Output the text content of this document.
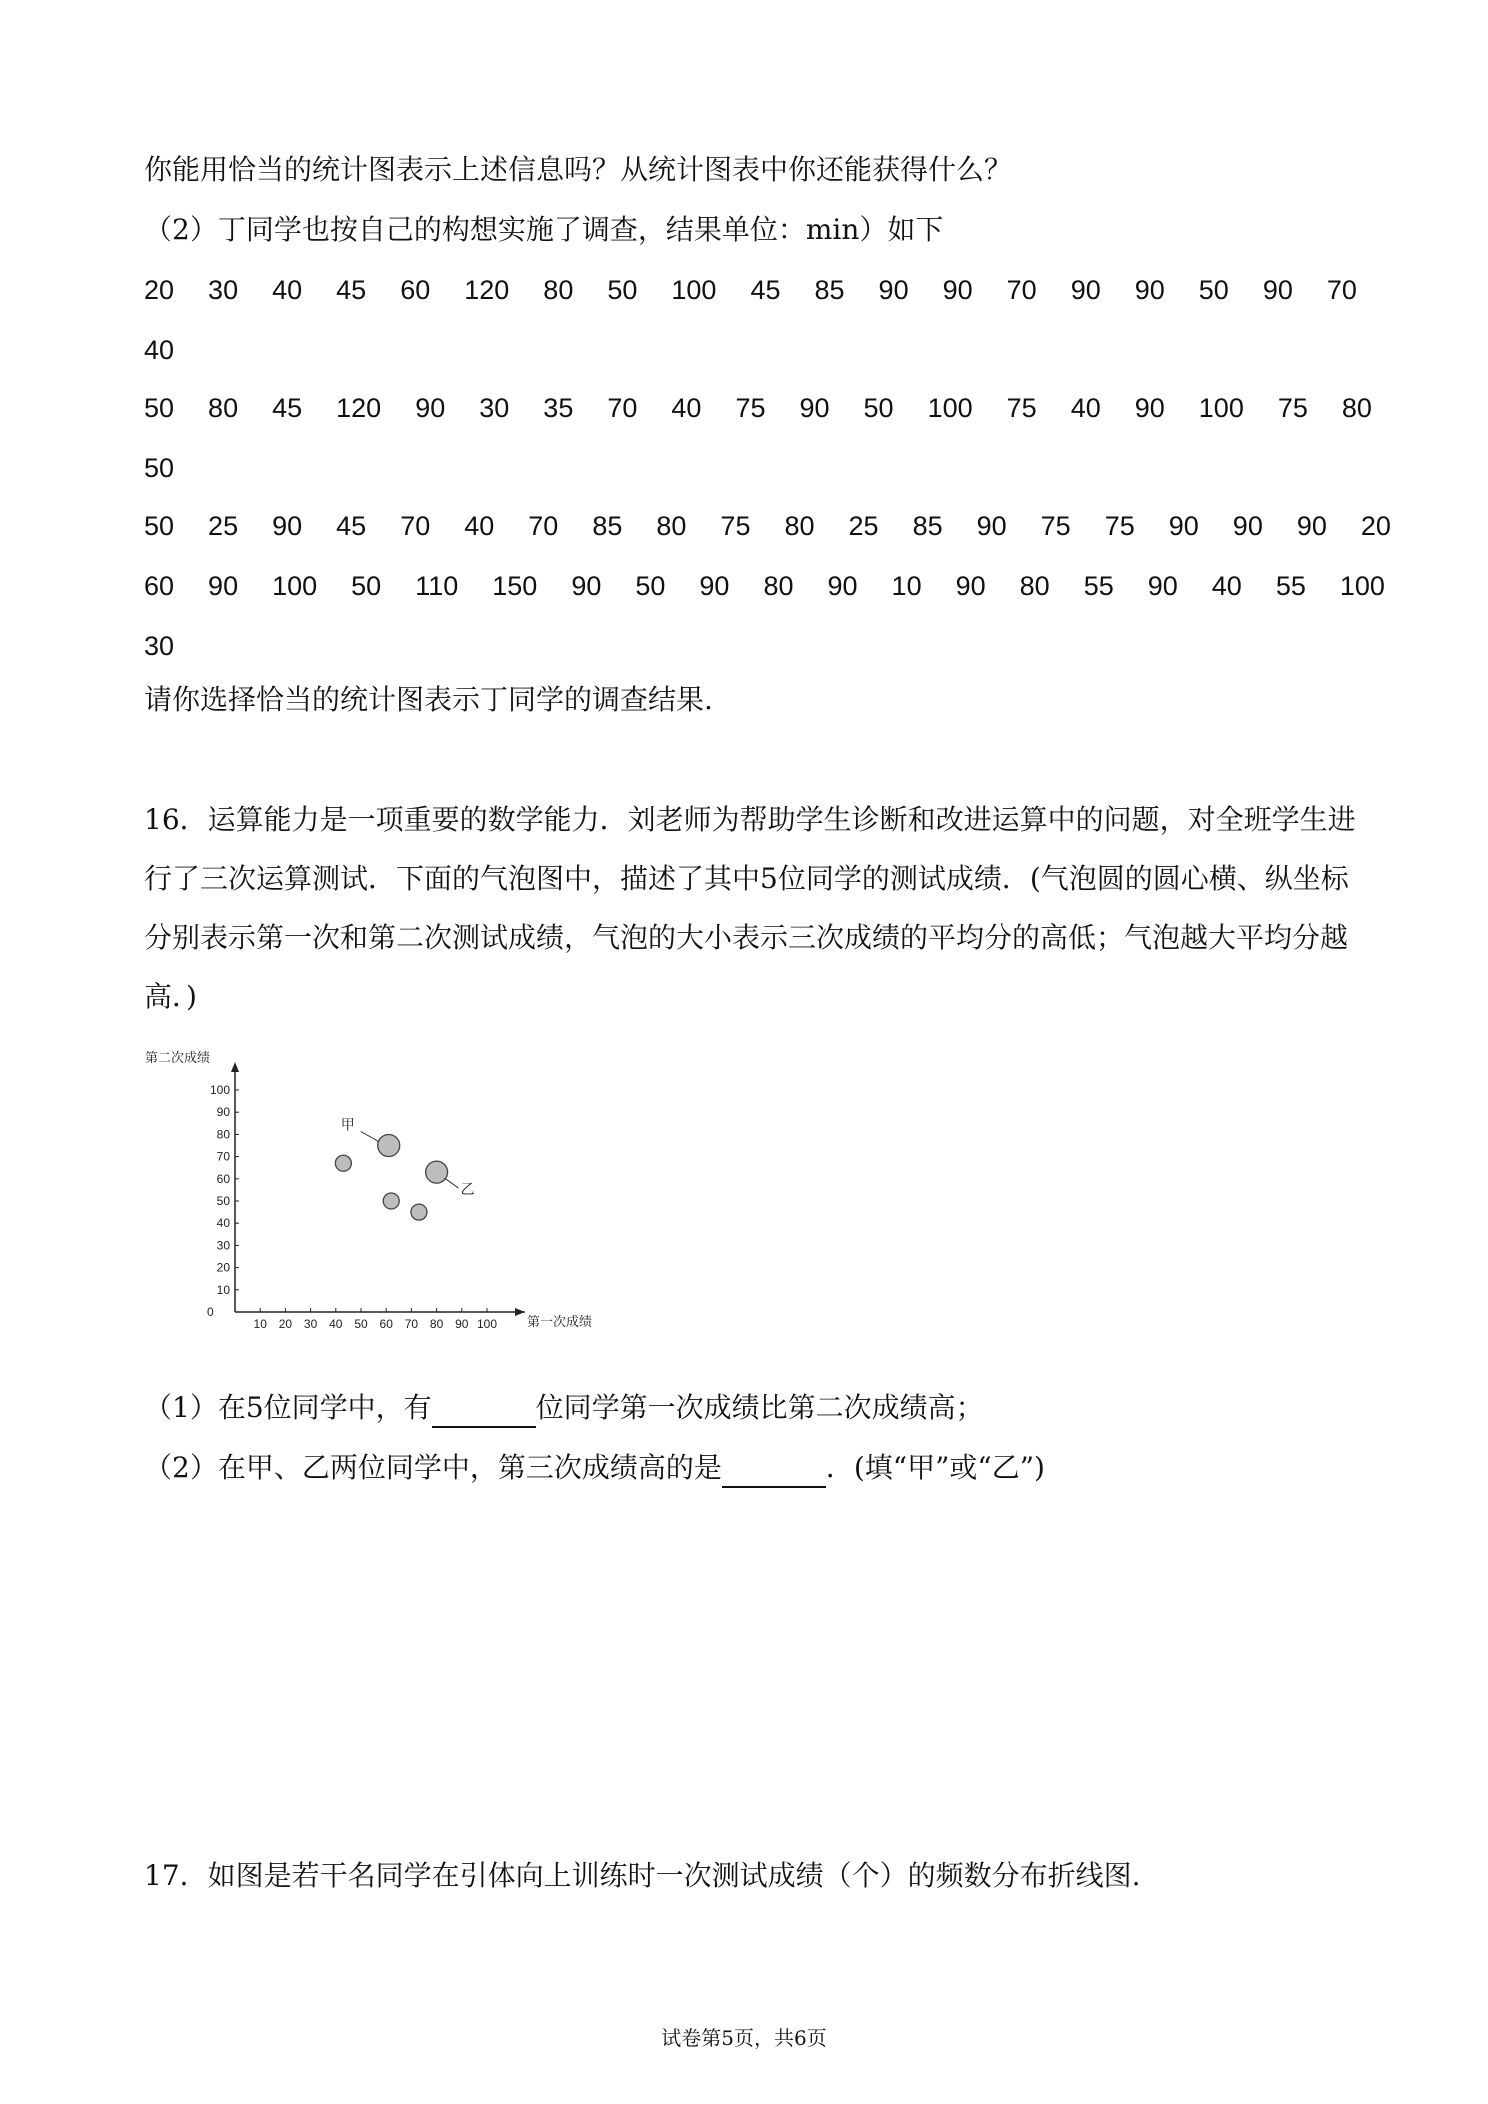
你能用恰当的统计图表示上述信息吗？从统计图表中你还能获得什么？
（2）丁同学也按自己的构想实施了调查，结果单位：min）如下
20 30 40 45 60 120 80 50 100 45 85 90 90 70 90 90 50 90 70
40
50 80 45 120 90 30 35 70 40 75 90 50 100 75 40 90 100 75 80
50
50 25 90 45 70 40 70 85 80 75 80 25 85 90 75 75 90 90 90 20
60 90 100 50 110 150 90 50 90 80 90 10 90 80 55 90 40 55 100
30
请你选择恰当的统计图表示丁同学的调查结果.
16．运算能力是一项重要的数学能力．刘老师为帮助学生诊断和改进运算中的问题，对全班学生进行了三次运算测试．下面的气泡图中，描述了其中5位同学的测试成绩．(气泡圆的圆心横、纵坐标分别表示第一次和第二次测试成绩，气泡的大小表示三次成绩的平均分的高低；气泡越大平均分越高．)
10 20 30 40 50 60 70 80 90 100
10
20
30
40
50
60
70
80
90
100
0
第二次成绩
第一次成绩
甲
乙
（1）在5位同学中，有	位同学第一次成绩比第二次成绩高；
（2）在甲、乙两位同学中，第三次成绩高的是	．(填“甲”或“乙”)
17．如图是若干名同学在引体向上训练时一次测试成绩（个）的频数分布折线图.
试卷第5页，共6页
